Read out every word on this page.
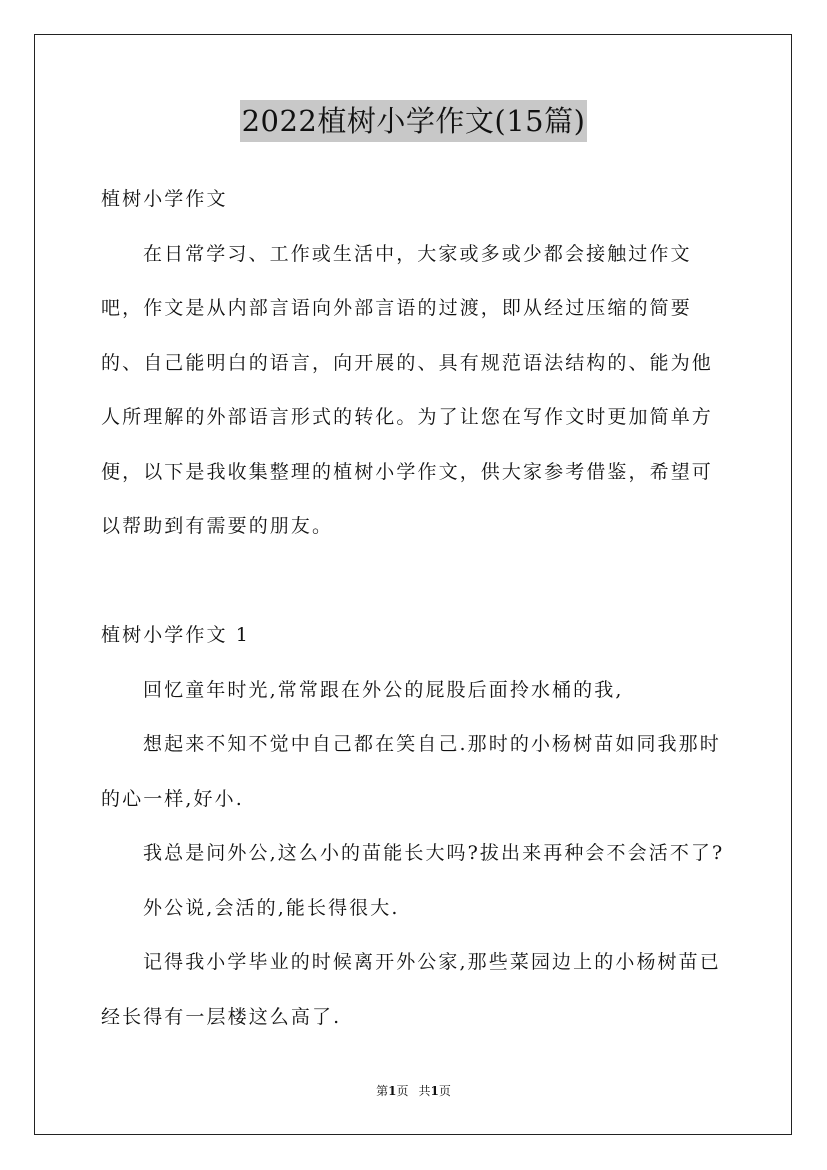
2022植树小学作文(15篇)

植树小学作文

在日常学习、工作或生活中，大家或多或少都会接触过作文吧，作文是从内部言语向外部言语的过渡，即从经过压缩的简要的、自己能明白的语言，向开展的、具有规范语法结构的、能为他人所理解的外部语言形式的转化。为了让您在写作文时更加简单方便，以下是我收集整理的植树小学作文，供大家参考借鉴，希望可以帮助到有需要的朋友。

植树小学作文 1

回忆童年时光,常常跟在外公的屁股后面拎水桶的我,

想起来不知不觉中自己都在笑自己.那时的小杨树苗如同我那时的心一样,好小.

我总是问外公,这么小的苗能长大吗?拔出来再种会不会活不了?

外公说,会活的,能长得很大.

记得我小学毕业的时候离开外公家,那些菜园边上的小杨树苗已经长得有一层楼这么高了.

第1页 共1页
